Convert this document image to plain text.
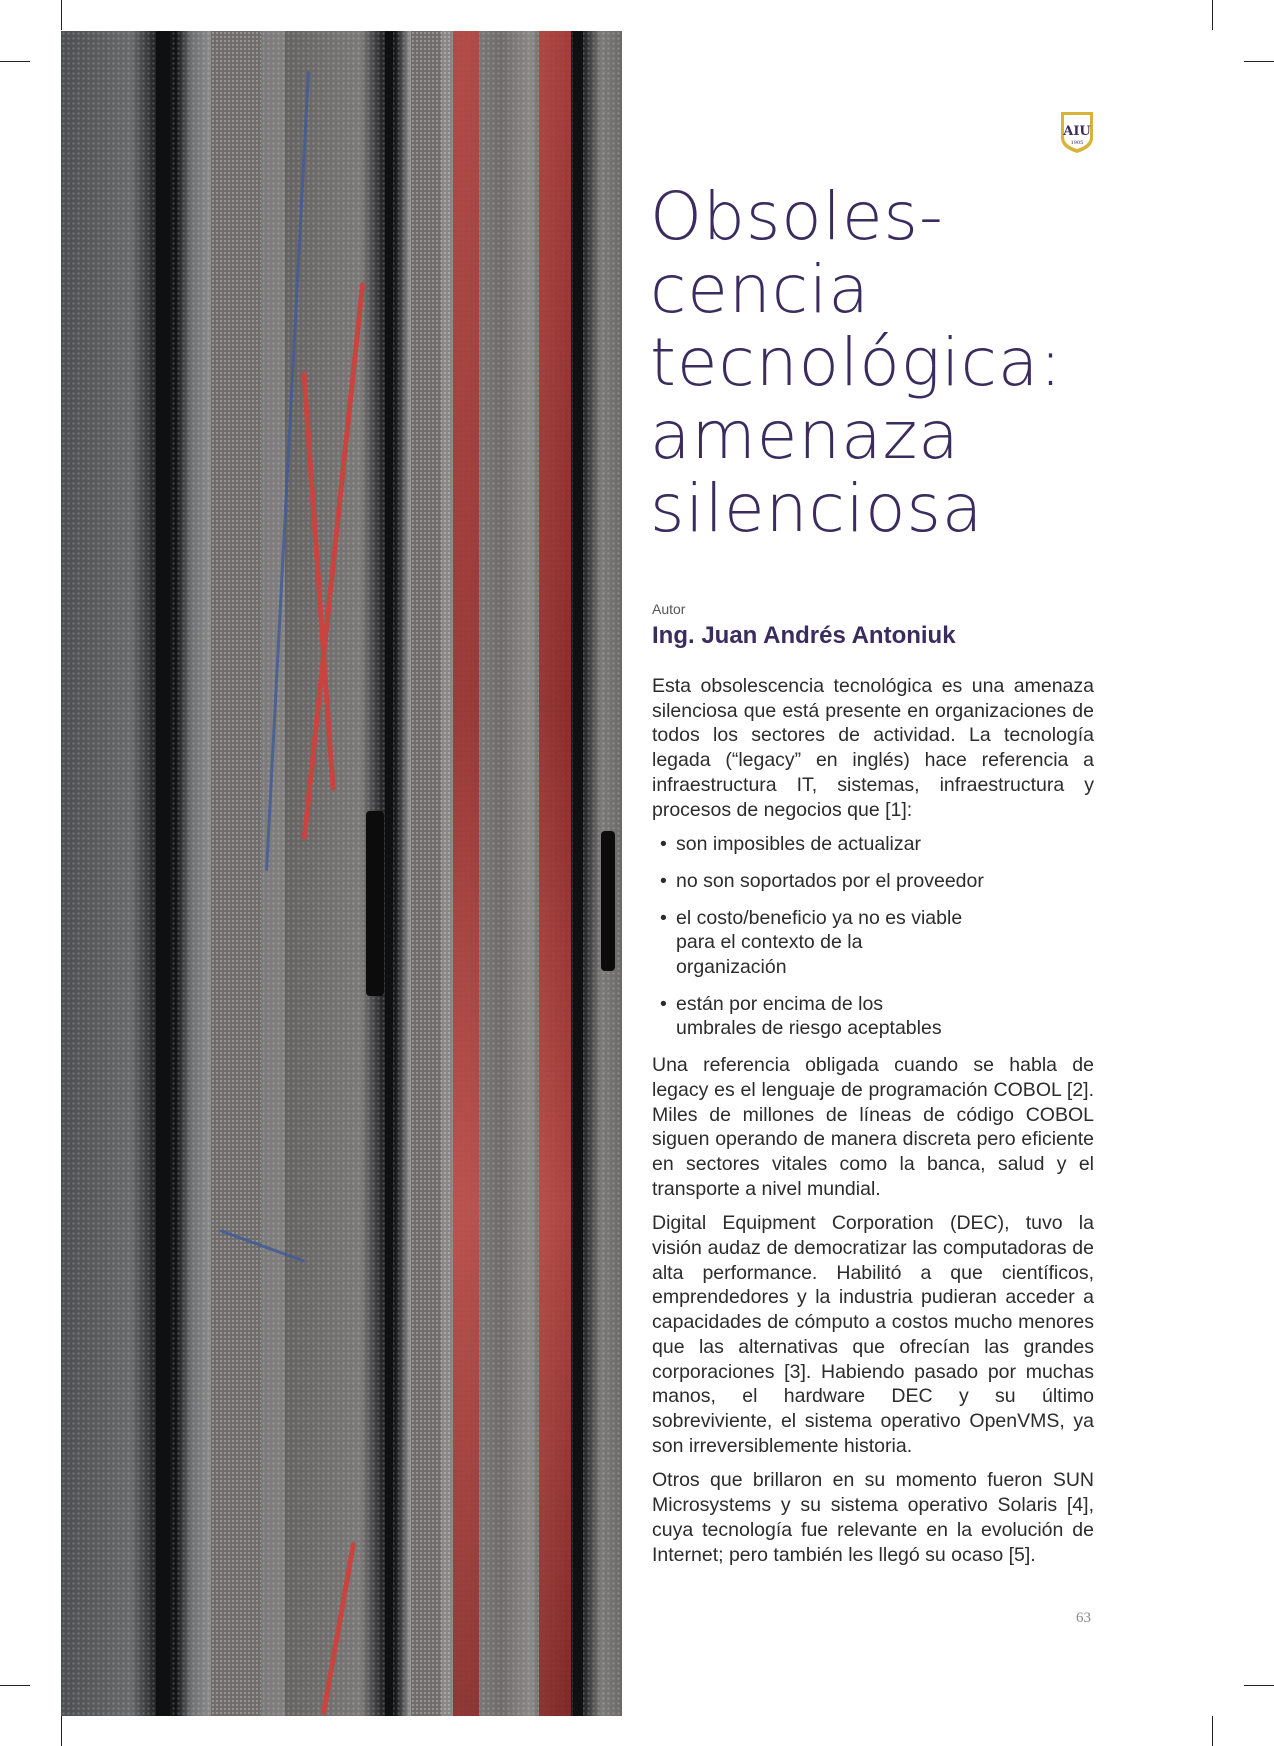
AIU
1905
Obsoles-
cencia
tecnológica:
amenaza
silenciosa
Autor
Ing. Juan Andrés Antoniuk

Esta obsolescencia tecnológica es una amenaza silenciosa que está presente en organizaciones de todos los sectores de actividad. La tecnología legada (“legacy” en inglés) hace referencia a infraestructura IT, sistemas, infraestructura y procesos de negocios que [1]:

• son imposibles de actualizar
• no son soportados por el proveedor
• el costo/beneficio ya no es viable para el contexto de la organización
• están por encima de los umbrales de riesgo aceptables

Una referencia obligada cuando se habla de legacy es el lenguaje de programación COBOL [2]. Miles de millones de líneas de código COBOL siguen operando de manera discreta pero eficiente en sectores vitales como la banca, salud y el transporte a nivel mundial.

Digital Equipment Corporation (DEC), tuvo la visión audaz de democratizar las computadoras de alta performance. Habilitó a que científicos, emprendedores y la industria pudieran acceder a capacidades de cómputo a costos mucho menores que las alternativas que ofrecían las grandes corporaciones [3]. Habiendo pasado por muchas manos, el hardware DEC y su último sobreviviente, el sistema operativo OpenVMS, ya son irreversiblemente historia.

Otros que brillaron en su momento fueron SUN Microsystems y su sistema operativo Solaris [4], cuya tecnología fue relevante en la evolución de Internet; pero también les llegó su ocaso [5].

63
